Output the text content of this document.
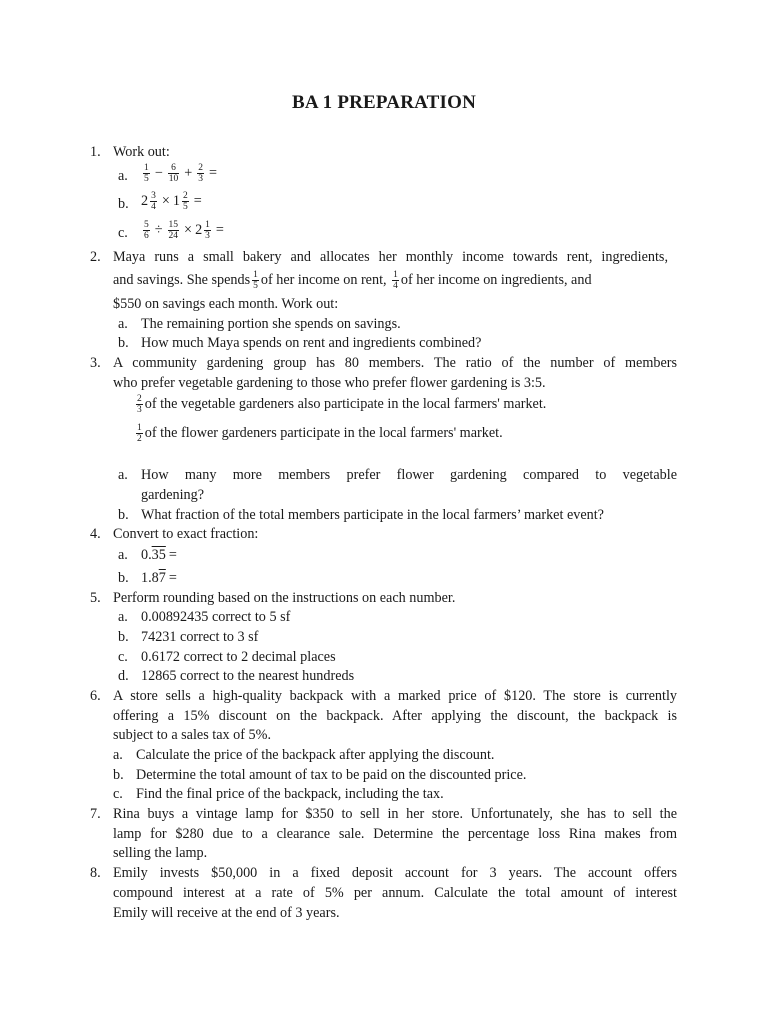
BA 1 PREPARATION
1. Work out:
a. $\frac{1}{5} - \frac{6}{10} + \frac{2}{3}$ =
b. $2 \frac{3}{4} \times 1 \frac{2}{5}$ =
c. $\frac{5}{6} \div \frac{15}{24} \times 2 \frac{1}{3}$ =
2. Maya runs a small bakery and allocates her monthly income towards rent, ingredients,
and savings. She spends $\frac{1}{5}$ of her income on rent, $\frac{1}{4}$ of her income on ingredients, and
$550 on savings each month. Work out:
a. The remaining portion she spends on savings.
b. How much Maya spends on rent and ingredients combined?
3. A community gardening group has 80 members. The ratio of the number of members
who prefer vegetable gardening to those who prefer flower gardening is 3:5.
$\frac{2}{3}$ of the vegetable gardeners also participate in the local farmers' market.
$\frac{1}{2}$ of the flower gardeners participate in the local farmers' market.
a. How many more members prefer flower gardening compared to vegetable
gardening?
b. What fraction of the total members participate in the local farmers’ market event?
4. Convert to exact fraction:
a. 0.35 =
b. 1.87 =
5. Perform rounding based on the instructions on each number.
a. 0.00892435 correct to 5 sf
b. 74231 correct to 3 sf
c. 0.6172 correct to 2 decimal places
d. 12865 correct to the nearest hundreds
6. A store sells a high-quality backpack with a marked price of $120. The store is currently
offering a 15% discount on the backpack. After applying the discount, the backpack is
subject to a sales tax of 5%.
a. Calculate the price of the backpack after applying the discount.
b. Determine the total amount of tax to be paid on the discounted price.
c. Find the final price of the backpack, including the tax.
7. Rina buys a vintage lamp for $350 to sell in her store. Unfortunately, she has to sell the
lamp for $280 due to a clearance sale. Determine the percentage loss Rina makes from
selling the lamp.
8. Emily invests $50,000 in a fixed deposit account for 3 years. The account offers
compound interest at a rate of 5% per annum. Calculate the total amount of interest
Emily will receive at the end of 3 years.
